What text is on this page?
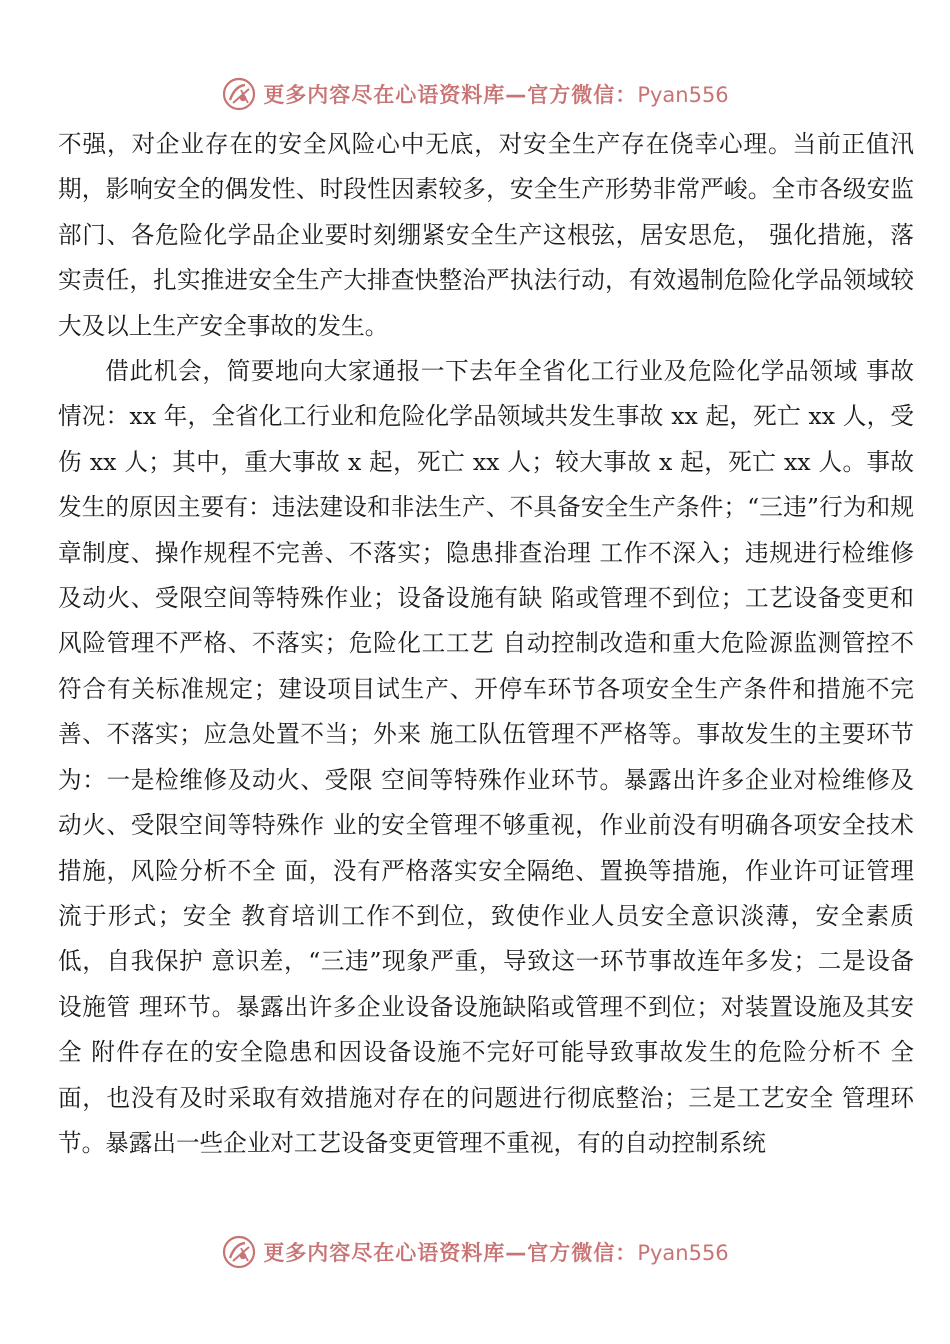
更多内容尽在心语资料库—官方微信：Pyan556

不强，对企业存在的安全风险心中无底，对安全生产存在侥幸心理。当前正值汛期，影响安全的偶发性、时段性因素较多，安全生产形势非常严峻。全市各级安监部门、各危险化学品企业要时刻绷紧安全生产这根弦，居安思危， 强化措施，落实责任，扎实推进安全生产大排查快整治严执法行动，有效遏制危险化学品领域较大及以上生产安全事故的发生。

借此机会，简要地向大家通报一下去年全省化工行业及危险化学品领域 事故情况：xx 年，全省化工行业和危险化学品领域共发生事故 xx 起，死亡 xx 人，受伤 xx 人；其中，重大事故 x 起，死亡 xx 人；较大事故 x 起，死亡 xx 人。事故发生的原因主要有：违法建设和非法生产、不具备安全生产条件；“三违”行为和规章制度、操作规程不完善、不落实；隐患排查治理 工作不深入；违规进行检维修及动火、受限空间等特殊作业；设备设施有缺 陷或管理不到位；工艺设备变更和风险管理不严格、不落实；危险化工工艺 自动控制改造和重大危险源监测管控不符合有关标准规定；建设项目试生产、开停车环节各项安全生产条件和措施不完善、不落实；应急处置不当；外来 施工队伍管理不严格等。事故发生的主要环节为：一是检维修及动火、受限 空间等特殊作业环节。暴露出许多企业对检维修及动火、受限空间等特殊作 业的安全管理不够重视，作业前没有明确各项安全技术措施，风险分析不全 面，没有严格落实安全隔绝、置换等措施，作业许可证管理流于形式；安全 教育培训工作不到位，致使作业人员安全意识淡薄，安全素质低，自我保护 意识差，“三违”现象严重，导致这一环节事故连年多发；二是设备设施管 理环节。暴露出许多企业设备设施缺陷或管理不到位；对装置设施及其安全 附件存在的安全隐患和因设备设施不完好可能导致事故发生的危险分析不 全面，也没有及时采取有效措施对存在的问题进行彻底整治；三是工艺安全 管理环节。暴露出一些企业对工艺设备变更管理不重视，有的自动控制系统

更多内容尽在心语资料库—官方微信：Pyan556
